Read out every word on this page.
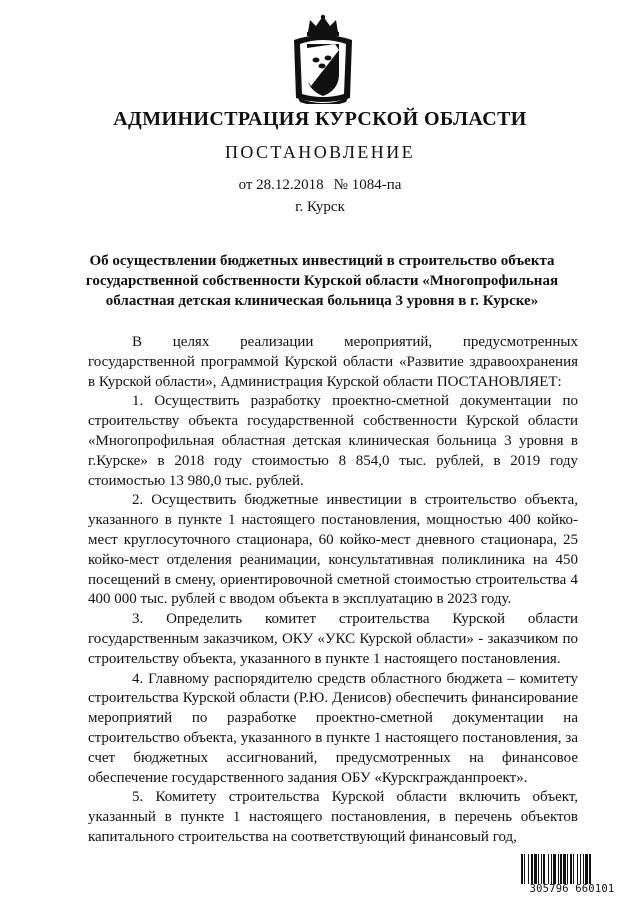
АДМИНИСТРАЦИЯ КУРСКОЙ ОБЛАСТИ
ПОСТАНОВЛЕНИЕ
от 28.12.2018 № 1084-па
г. Курск
Об осуществлении бюджетных инвестиций в строительство объекта государственной собственности Курской области «Многопрофильная областная детская клиническая больница 3 уровня в г. Курске»

В целях реализации мероприятий, предусмотренных государственной программой Курской области «Развитие здравоохранения в Курской области», Администрация Курской области ПОСТАНОВЛЯЕТ:

1. Осуществить разработку проектно-сметной документации по строительству объекта государственной собственности Курской области «Многопрофильная областная детская клиническая больница 3 уровня в г.Курске» в 2018 году стоимостью 8 854,0 тыс. рублей, в 2019 году стоимостью 13 980,0 тыс. рублей.

2. Осуществить бюджетные инвестиции в строительство объекта, указанного в пункте 1 настоящего постановления, мощностью 400 койко-мест круглосуточного стационара, 60 койко-мест дневного стационара, 25 койко-мест отделения реанимации, консультативная поликлиника на 450 посещений в смену, ориентировочной сметной стоимостью строительства 4 400 000 тыс. рублей с вводом объекта в эксплуатацию в 2023 году.

3. Определить комитет строительства Курской области государственным заказчиком, ОКУ «УКС Курской области» - заказчиком по строительству объекта, указанного в пункте 1 настоящего постановления.

4. Главному распорядителю средств областного бюджета – комитету строительства Курской области (Р.Ю. Денисов) обеспечить финансирование мероприятий по разработке проектно-сметной документации на строительство объекта, указанного в пункте 1 настоящего постановления, за счет бюджетных ассигнований, предусмотренных на финансовое обеспечение государственного задания ОБУ «Курскгражданпроект».

5. Комитету строительства Курской области включить объект, указанный в пункте 1 настоящего постановления, в перечень объектов капитального строительства на соответствующий финансовый год,

305796 660101
